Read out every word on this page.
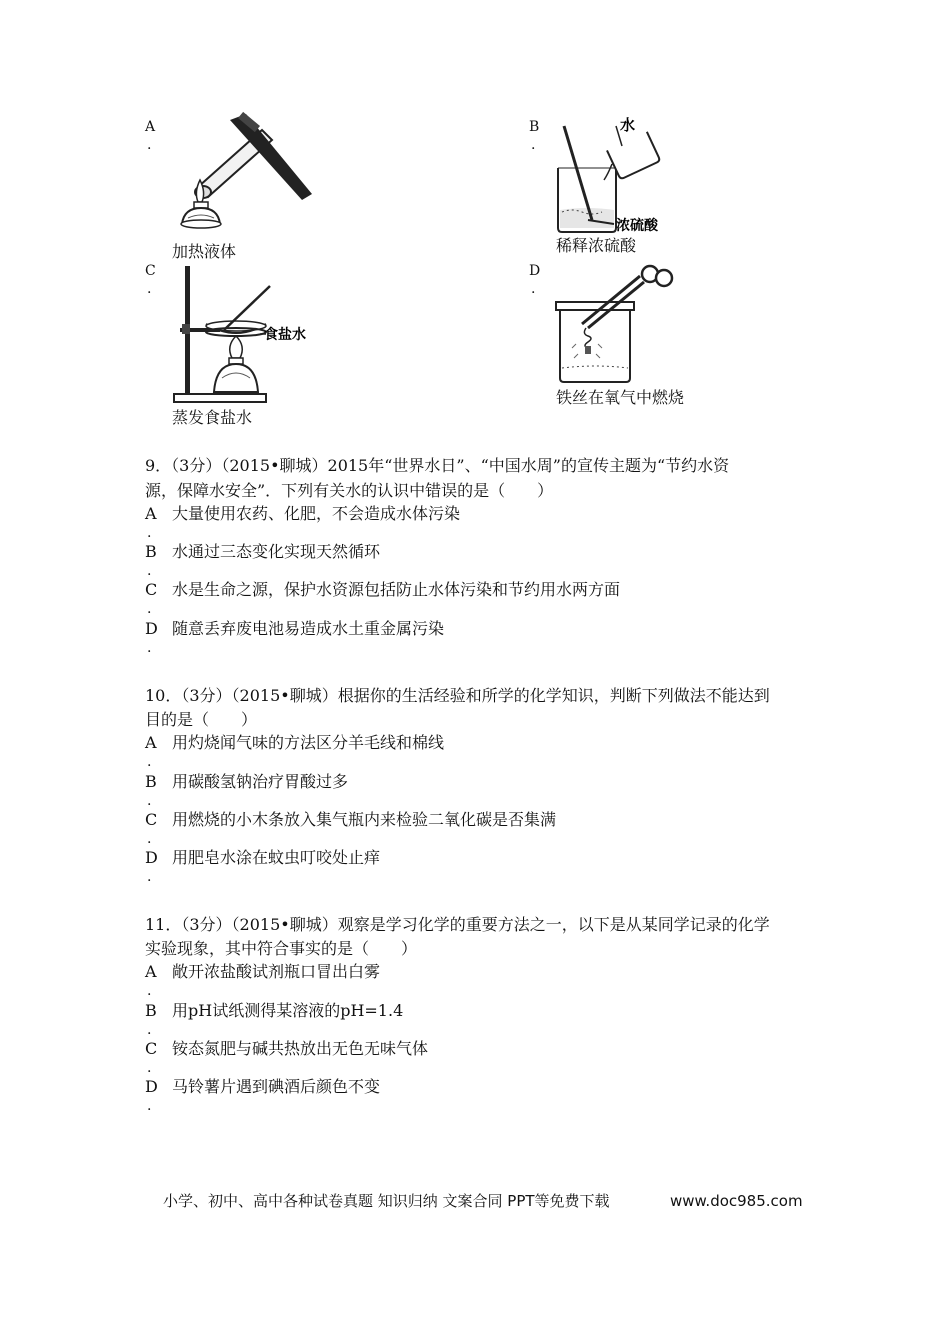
A
.
加热液体
B
.
水
浓硫酸
稀释浓硫酸
C
.
食盐水
蒸发食盐水
D
.
铁丝在氧气中燃烧
9．（3分）（2015•聊城）2015年“世界水日”、“中国水周”的宣传主题为“节约水资
源，保障水安全”．下列有关水的认识中错误的是（　　）
A 大量使用农药、化肥，不会造成水体污染
.
B 水通过三态变化实现天然循环
.
C 水是生命之源，保护水资源包括防止水体污染和节约用水两方面
.
D 随意丢弃废电池易造成水土重金属污染
.
10．（3分）（2015•聊城）根据你的生活经验和所学的化学知识，判断下列做法不能达到
目的是（　　）
A 用灼烧闻气味的方法区分羊毛线和棉线
.
B 用碳酸氢钠治疗胃酸过多
.
C 用燃烧的小木条放入集气瓶内来检验二氧化碳是否集满
.
D 用肥皂水涂在蚊虫叮咬处止痒
.
11．（3分）（2015•聊城）观察是学习化学的重要方法之一，以下是从某同学记录的化学
实验现象，其中符合事实的是（　　）
A 敞开浓盐酸试剂瓶口冒出白雾
.
B 用pH试纸测得某溶液的pH=1.4
.
C 铵态氮肥与碱共热放出无色无味气体
.
D 马铃薯片遇到碘酒后颜色不变
.
小学、初中、高中各种试卷真题 知识归纳 文案合同 PPT等免费下载	www.doc985.com
